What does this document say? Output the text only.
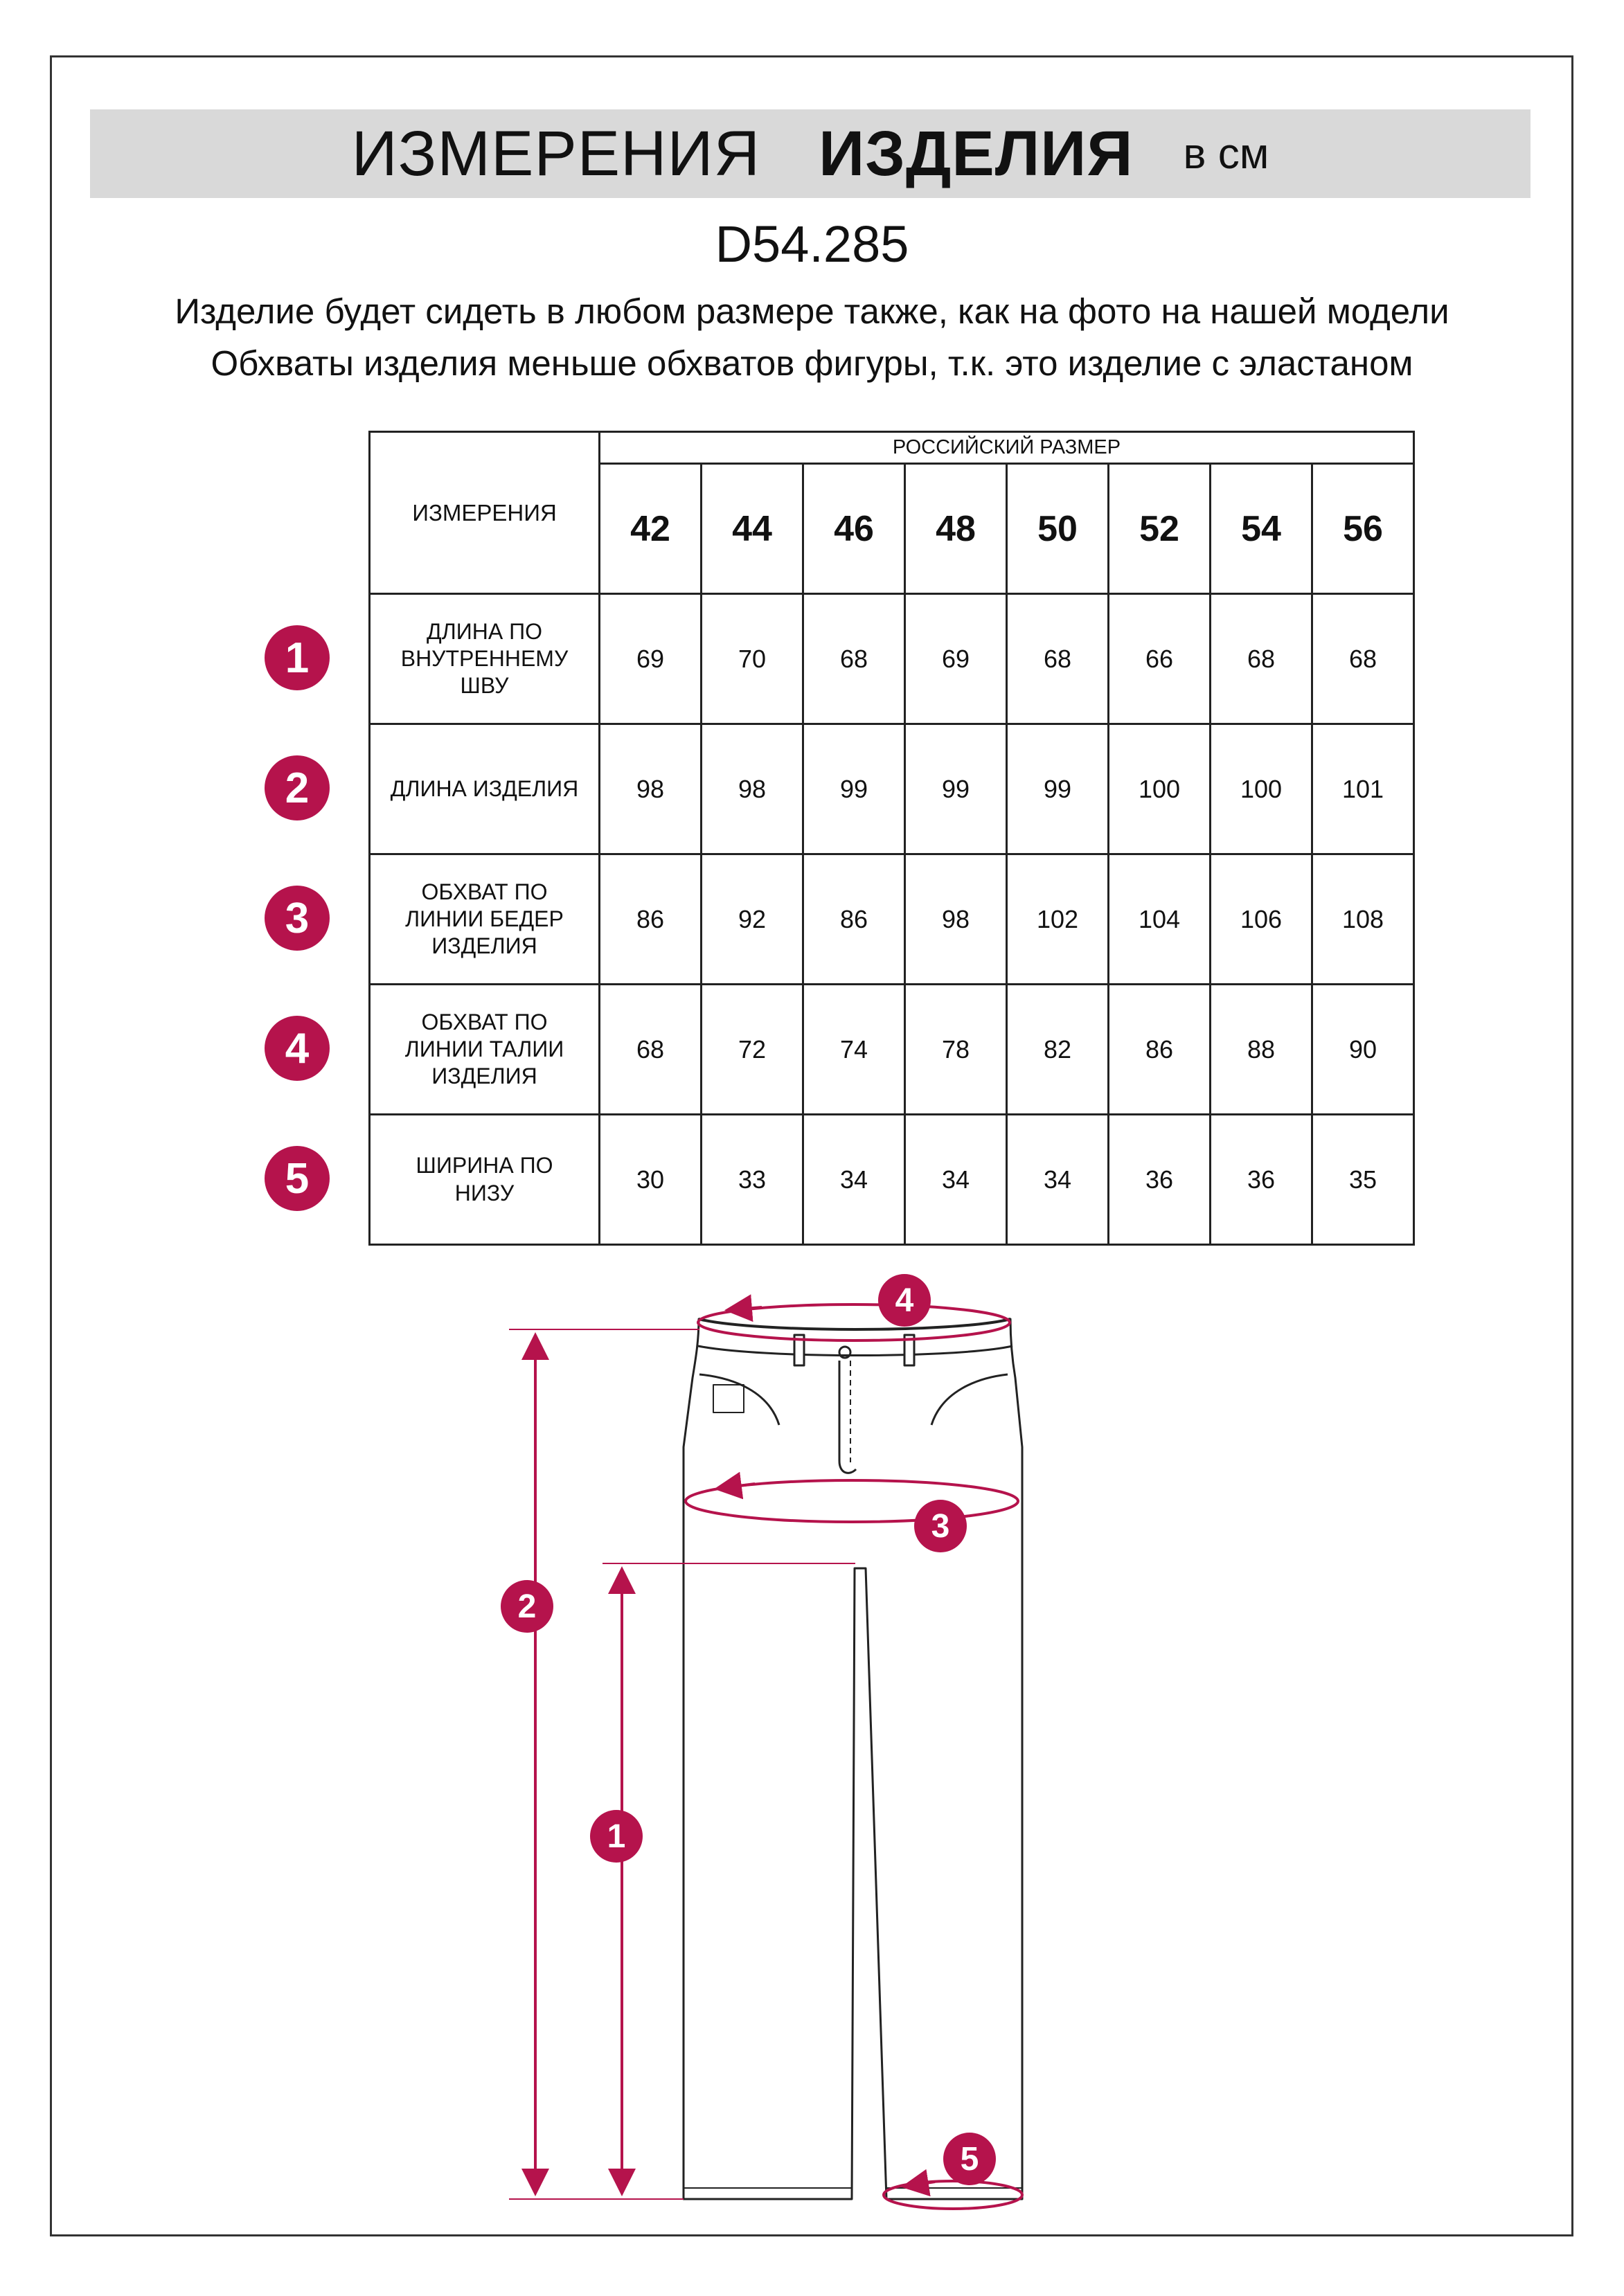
ИЗМЕРЕНИЯ ИЗДЕЛИЯ в см
D54.285
Изделие будет сидеть в любом размере также, как на фото на нашей модели
Обхваты изделия меньше обхватов фигуры, т.к. это изделие с эластаном
ИЗМЕРЕНИЯ	РОССИЙСКИЙ РАЗМЕР							
	42	44	46	48	50	52	54	56
ДЛИНА ПО
ВНУТРЕННЕМУ
ШВУ	69	70	68	69	68	66	68	68
ДЛИНА ИЗДЕЛИЯ	98	98	99	99	99	100	100	101
ОБХВАТ ПО
ЛИНИИ БЕДЕР
ИЗДЕЛИЯ	86	92	86	98	102	104	106	108
ОБХВАТ ПО
ЛИНИИ ТАЛИИ
ИЗДЕЛИЯ	68	72	74	78	82	86	88	90
ШИРИНА ПО
НИЗУ	30	33	34	34	34	36	36	35
1
2
3
4
5
4
3
2
1
5
